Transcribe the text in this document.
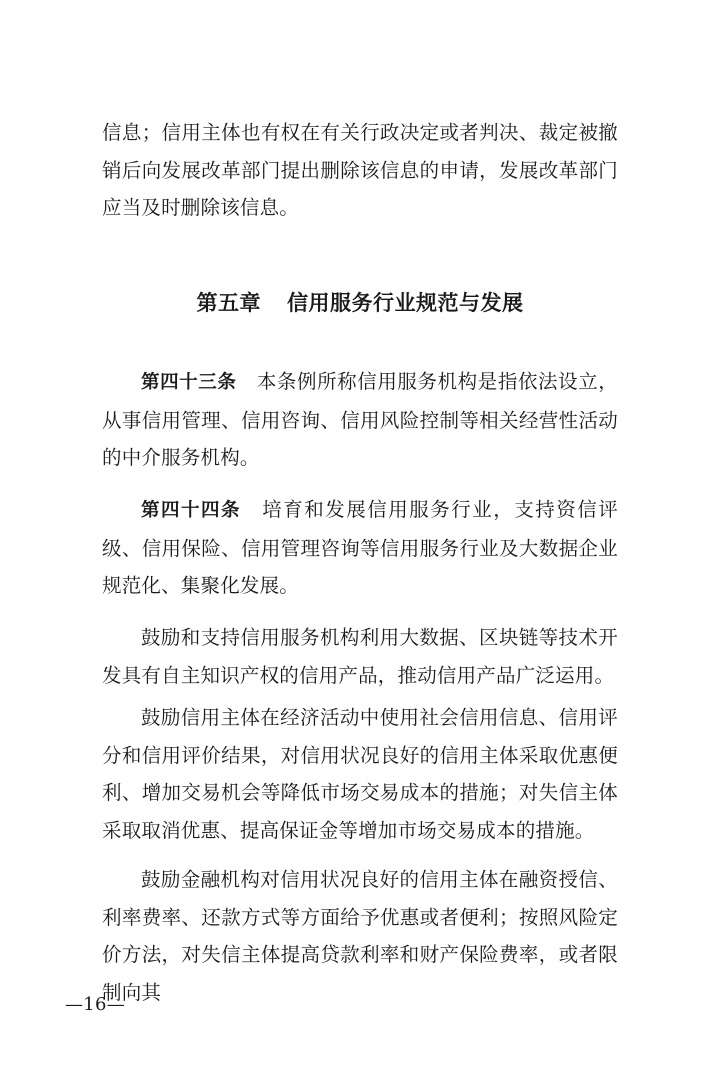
信息；信用主体也有权在有关行政决定或者判决、裁定被撤销后向发展改革部门提出删除该信息的申请，发展改革部门应当及时删除该信息。

第五章 信用服务行业规范与发展

第四十三条 本条例所称信用服务机构是指依法设立，从事信用管理、信用咨询、信用风险控制等相关经营性活动的中介服务机构。

第四十四条 培育和发展信用服务行业，支持资信评级、信用保险、信用管理咨询等信用服务行业及大数据企业规范化、集聚化发展。

鼓励和支持信用服务机构利用大数据、区块链等技术开发具有自主知识产权的信用产品，推动信用产品广泛运用。

鼓励信用主体在经济活动中使用社会信用信息、信用评分和信用评价结果，对信用状况良好的信用主体采取优惠便利、增加交易机会等降低市场交易成本的措施；对失信主体采取取消优惠、提高保证金等增加市场交易成本的措施。

鼓励金融机构对信用状况良好的信用主体在融资授信、利率费率、还款方式等方面给予优惠或者便利；按照风险定价方法，对失信主体提高贷款利率和财产保险费率，或者限制向其

—16—
